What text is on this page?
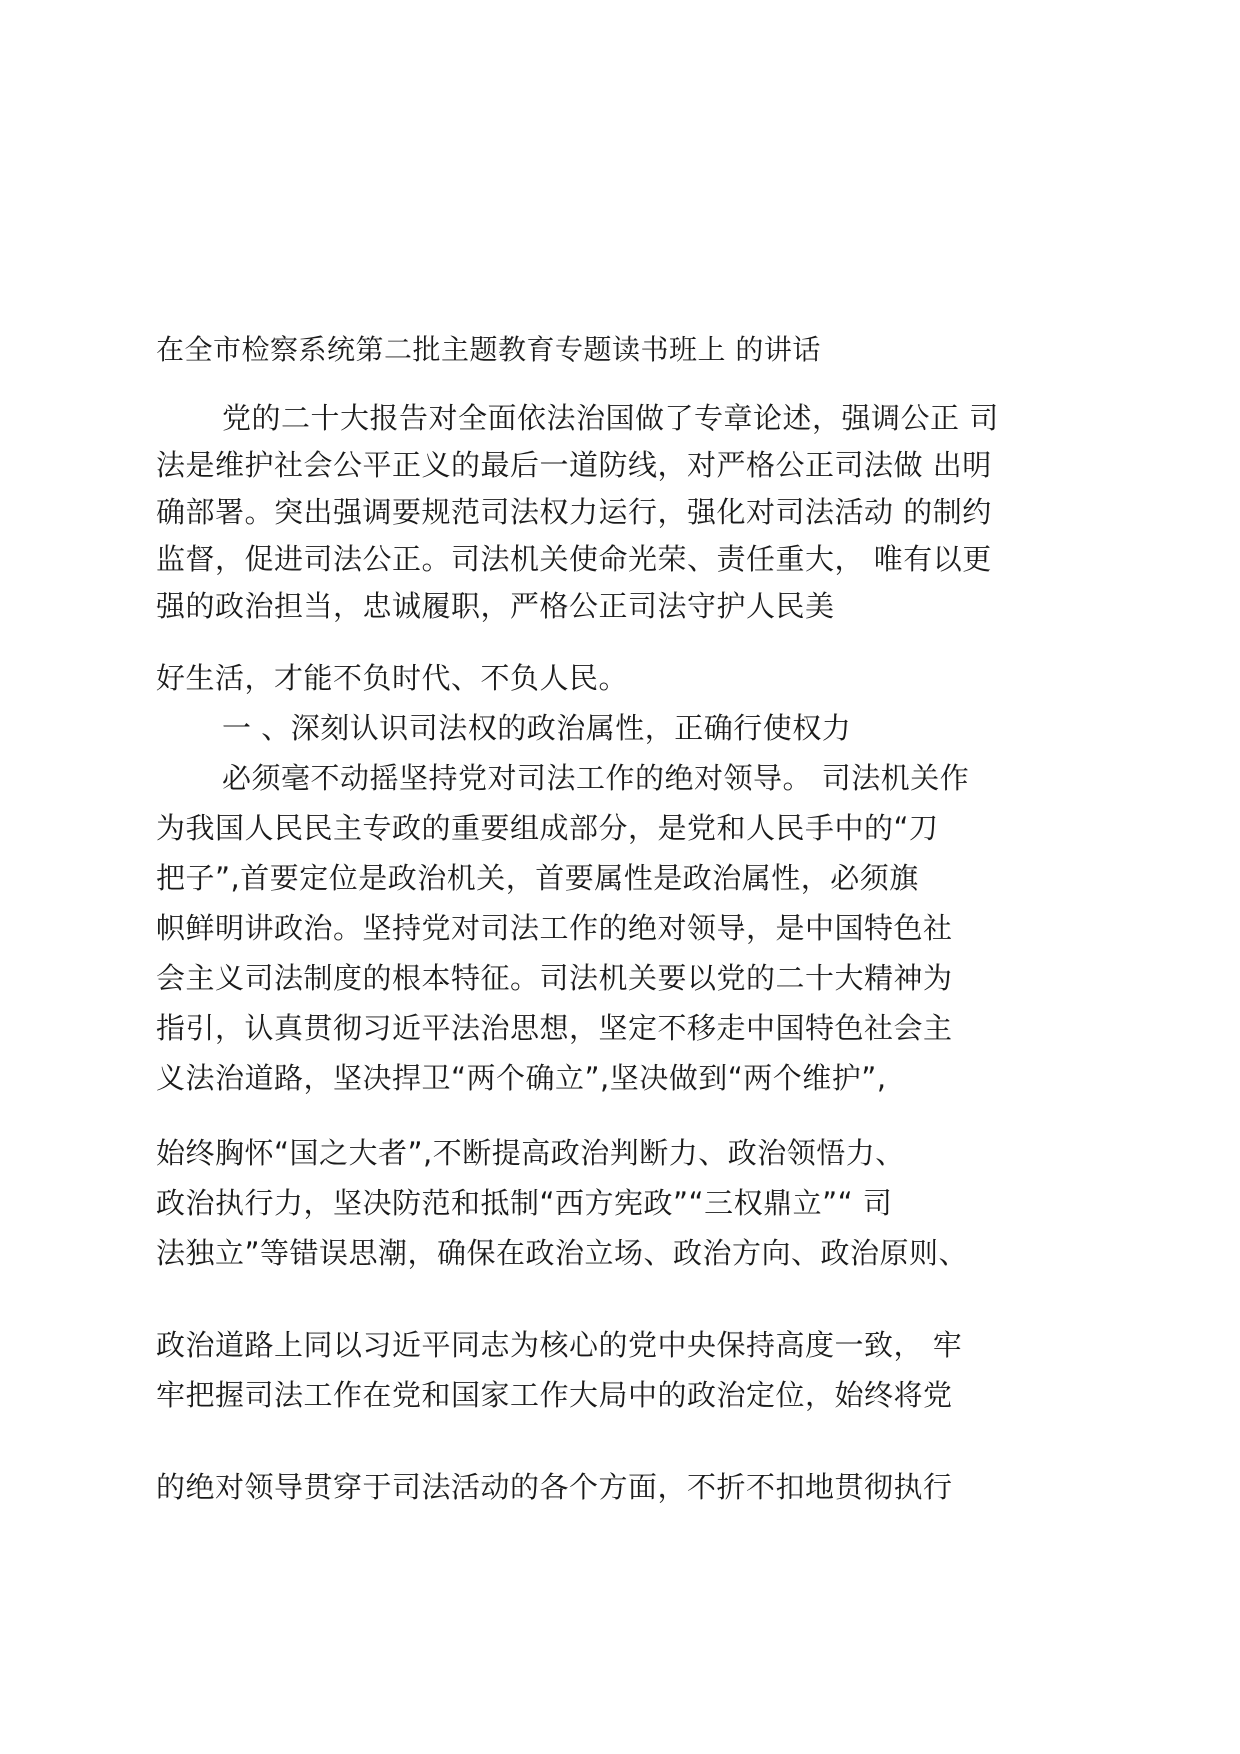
在全市检察系统第二批主题教育专题读书班上 的讲话
党的二十大报告对全面依法治国做了专章论述，强调公正 司
法是维护社会公平正义的最后一道防线，对严格公正司法做 出明
确部署。突出强调要规范司法权力运行，强化对司法活动 的制约
监督，促进司法公正。司法机关使命光荣、责任重大， 唯有以更
强的政治担当，忠诚履职，严格公正司法守护人民美
好生活，才能不负时代、不负人民。
一 、深刻认识司法权的政治属性，正确行使权力
必须毫不动摇坚持党对司法工作的绝对领导。 司法机关作
为我国人民民主专政的重要组成部分，是党和人民手中的“刀
把子”,首要定位是政治机关，首要属性是政治属性，必须旗
帜鲜明讲政治。坚持党对司法工作的绝对领导，是中国特色社
会主义司法制度的根本特征。司法机关要以党的二十大精神为
指引，认真贯彻习近平法治思想，坚定不移走中国特色社会主
义法治道路，坚决捍卫“两个确立”,坚决做到“两个维护”,
始终胸怀“国之大者”,不断提高政治判断力、政治领悟力、
政治执行力，坚决防范和抵制“西方宪政”“三权鼎立”“ 司
法独立”等错误思潮，确保在政治立场、政治方向、政治原则、
政治道路上同以习近平同志为核心的党中央保持高度一致， 牢
牢把握司法工作在党和国家工作大局中的政治定位，始终将党
的绝对领导贯穿于司法活动的各个方面，不折不扣地贯彻执行
